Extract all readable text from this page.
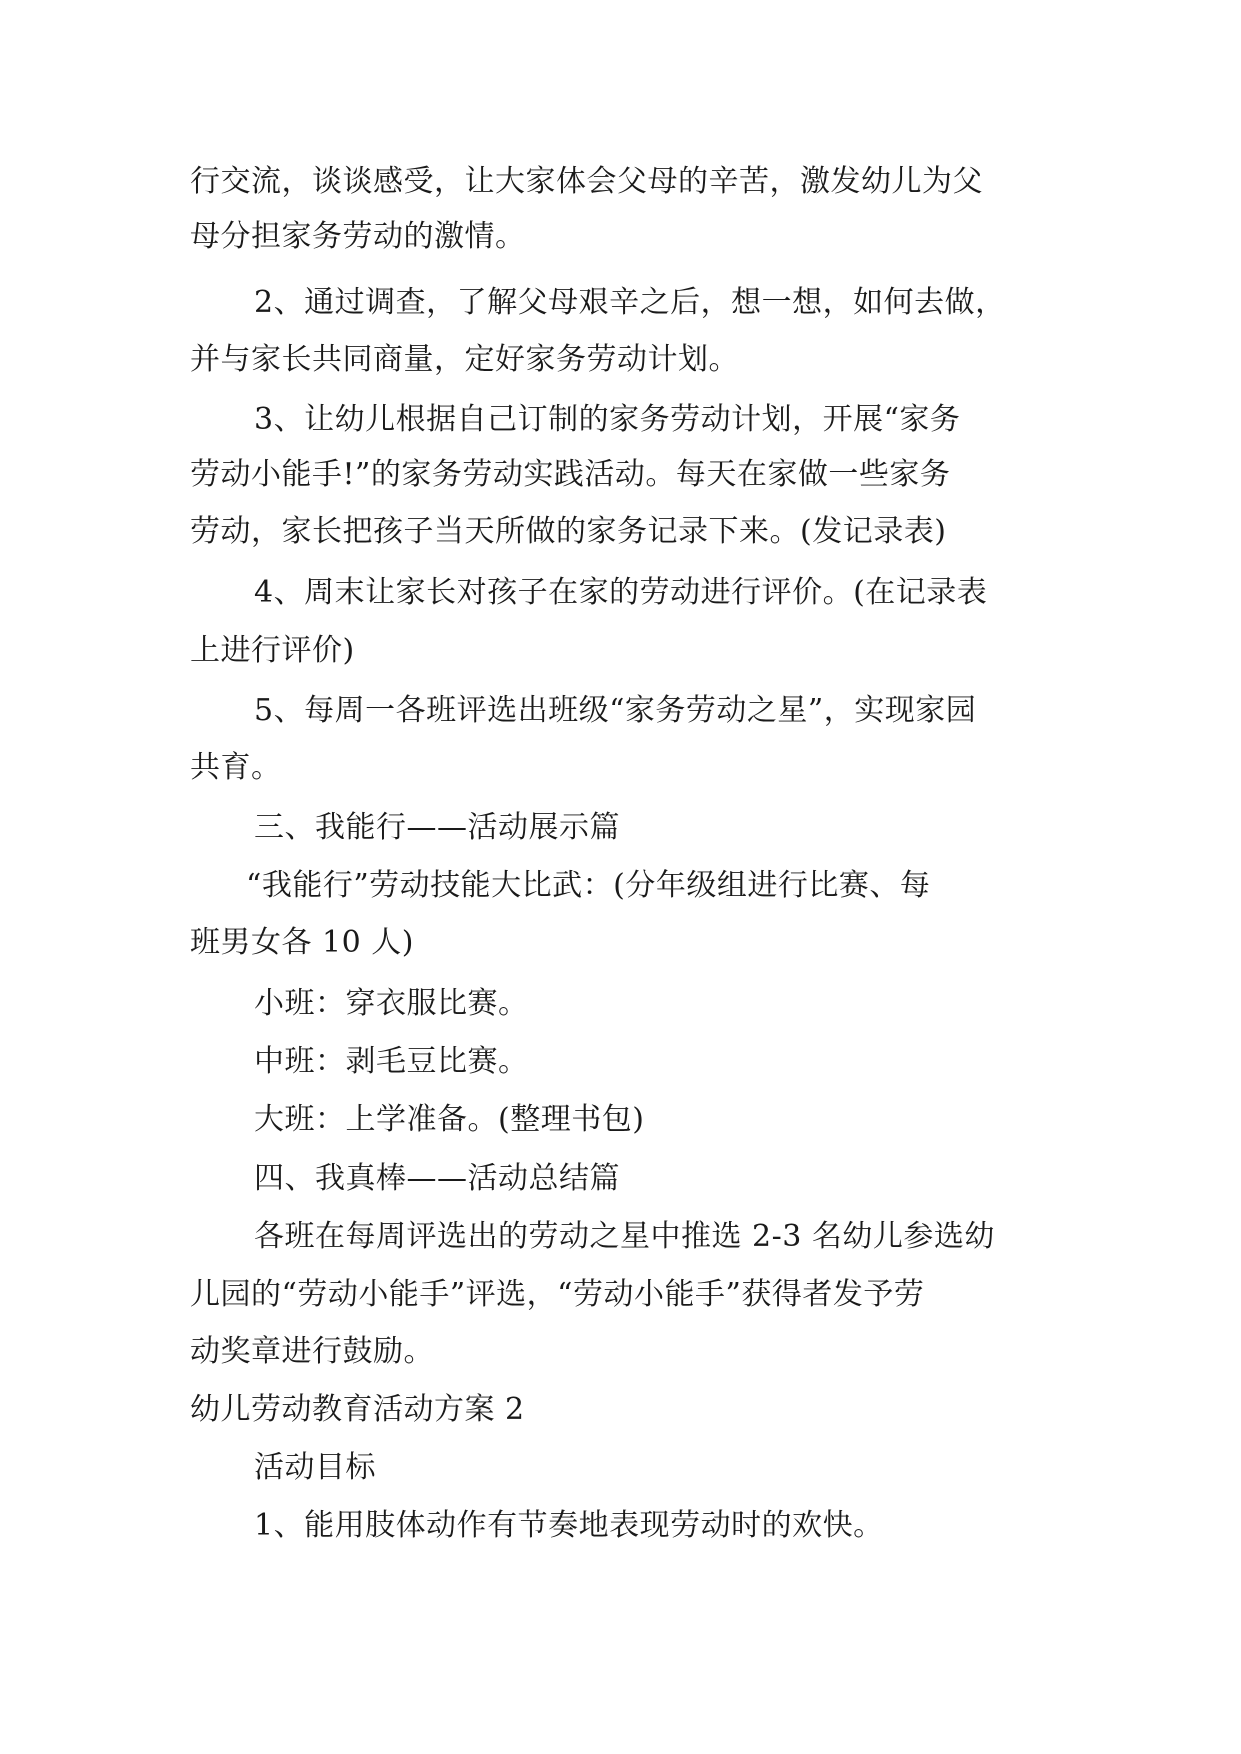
行交流，谈谈感受，让大家体会父母的辛苦，激发幼儿为父
母分担家务劳动的激情。
2、通过调查，了解父母艰辛之后，想一想，如何去做，
并与家长共同商量，定好家务劳动计划。
3、让幼儿根据自己订制的家务劳动计划，开展“家务
劳动小能手!”的家务劳动实践活动。每天在家做一些家务
劳动，家长把孩子当天所做的家务记录下来。(发记录表)
4、周末让家长对孩子在家的劳动进行评价。(在记录表
上进行评价)
5、每周一各班评选出班级“家务劳动之星”，实现家园
共育。
三、我能行——活动展示篇
“我能行”劳动技能大比武：(分年级组进行比赛、每
班男女各 10 人)
小班：穿衣服比赛。
中班：剥毛豆比赛。
大班：上学准备。(整理书包)
四、我真棒——活动总结篇
各班在每周评选出的劳动之星中推选 2-3 名幼儿参选幼
儿园的“劳动小能手”评选，“劳动小能手”获得者发予劳
动奖章进行鼓励。
幼儿劳动教育活动方案 2
活动目标
1、能用肢体动作有节奏地表现劳动时的欢快。
